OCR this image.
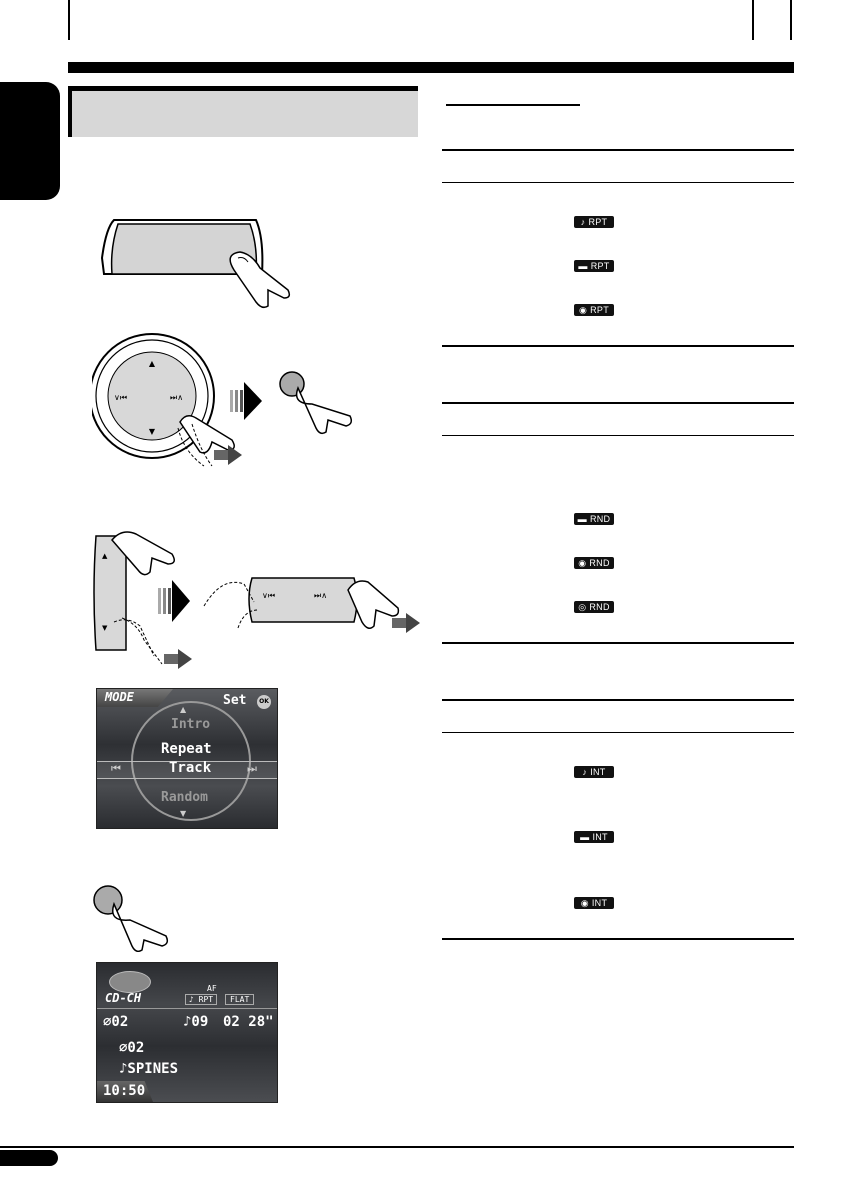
▲
▼
∨⏮	⏭∧
▲
▼
∨⏮	⏭∧
MODE	Set	OK
▲
Intro
Repeat
⏮	Track	⏭
Random
▼
CD-CH
AF
♪ RPT	FLAT
⌀02	♪09 02 28"
⌀02
♪SPINES
10:50
♪ RPT
▬ RPT
◉ RPT
▬ RND
◉ RND
◎ RND
♪ INT
▬ INT
◉ INT
